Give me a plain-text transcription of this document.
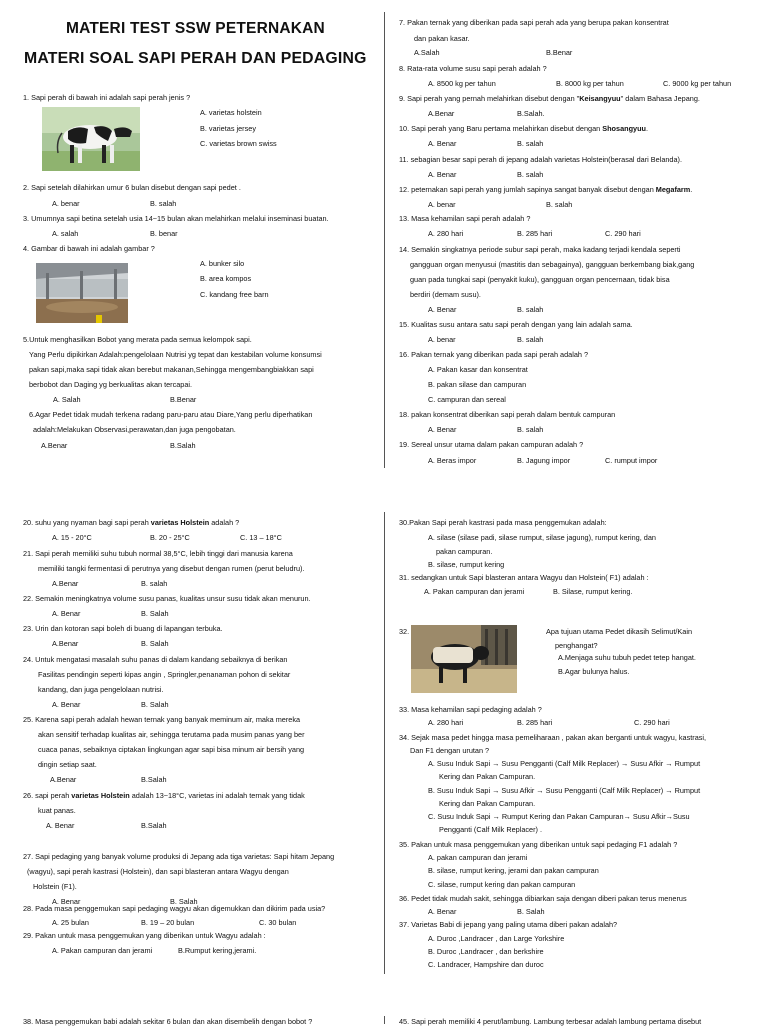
MATERI TEST SSW PETERNAKAN
MATERI SOAL SAPI PERAH DAN PEDAGING
1. Sapi perah di bawah ini adalah sapi perah jenis ?
A. varietas holstein
B. varietas jersey
C. varietas brown swiss
2. Sapi setelah dilahirkan umur 6 bulan disebut dengan sapi pedet .
A. benar	B. salah
3. Umumnya sapi betina setelah usia 14~15 bulan akan melahirkan melalui inseminasi buatan.
A. salah	B. benar
4. Gambar di bawah ini adalah gambar ?
A. bunker silo
B. area kompos
C. kandang free barn
5.Untuk menghasilkan Bobot yang merata pada semua kelompok sapi.
Yang Perlu dipikirkan Adalah:pengelolaan Nutrisi yg tepat dan kestabilan volume konsumsi
pakan sapi,maka sapi tidak akan berebut makanan,Sehingga mengembangbiakkan sapi
berbobot dan Daging yg berkualitas akan tercapai.
A. Salah	B.Benar
6.Agar Pedet tidak mudah terkena radang paru-paru atau Diare,Yang perlu diperhatikan
adalah:Melakukan Observasi,perawatan,dan juga pengobatan.
A.Benar	B.Salah
7. Pakan ternak yang diberikan pada sapi perah ada yang berupa pakan konsentrat
dan pakan kasar.
A.Salah	B.Benar
8. Rata-rata volume susu sapi perah adalah ?
A. 8500 kg per tahun	B. 8000 kg per tahun	C. 9000 kg per tahun
9. Sapi perah yang pernah melahirkan disebut dengan "Keisangyuu" dalam Bahasa Jepang.
A.Benar	B.Salah.
10. Sapi perah yang Baru pertama melahirkan disebut dengan Shosangyuu.
A. Benar	B. salah
11. sebagian besar sapi perah di jepang adalah varietas Holstein(berasal dari Belanda).
A. Benar	B. salah
12. peternakan sapi perah yang jumlah sapinya sangat banyak disebut dengan Megafarm.
A. benar	B. salah
13. Masa kehamilan sapi perah adalah ?
A. 280 hari	B. 285 hari	C. 290 hari
14. Semakin singkatnya periode subur sapi perah, maka kadang terjadi kendala seperti
gangguan organ menyusui (mastitis dan sebagainya), gangguan berkembang biak,gang
guan pada tungkai sapi (penyakit kuku), gangguan organ pencernaan, tidak bisa
berdiri (demam susu).
A. Benar	B. salah
15. Kualitas susu antara satu sapi perah dengan yang lain adalah sama.
A. benar	B. salah
16. Pakan ternak yang diberikan pada sapi perah adalah ?
A. Pakan kasar dan konsentrat
B. pakan silase dan campuran
C. campuran dan sereal
18. pakan konsentrat diberikan sapi perah dalam bentuk campuran
A. Benar	B. salah
19. Sereal unsur utama dalam pakan campuran adalah ?
A. Beras impor	B. Jagung impor	C. rumput impor
20. suhu yang nyaman bagi sapi perah varietas Holstein adalah ?
A. 15 - 20°C	B. 20 - 25°C	C. 13 – 18°C
21. Sapi perah memiliki suhu tubuh normal 38,5°C, lebih tinggi dari manusia karena
memiliki tangki fermentasi di perutnya yang disebut dengan rumen (perut beludru).
A.Benar	B. salah
22. Semakin meningkatnya volume susu panas, kualitas unsur susu tidak akan menurun.
A. Benar	B. Salah
23. Urin dan kotoran sapi boleh di buang di lapangan terbuka.
A.Benar	B. Salah
24. Untuk mengatasi masalah suhu panas di dalam kandang sebaiknya di berikan
Fasilitas pendingin seperti kipas angin , Springler,penanaman pohon di sekitar
kandang, dan juga pengelolaan nutrisi.
A. Benar	B. Salah
25. Karena sapi perah adalah hewan ternak yang banyak meminum air, maka mereka
akan sensitif terhadap kualitas air, sehingga terutama pada musim panas yang ber
cuaca panas, sebaiknya ciptakan lingkungan agar sapi bisa minum air bersih yang
dingin setiap saat.
A.Benar	B.Salah
26. sapi perah varietas Holstein adalah 13~18°C, varietas ini adalah ternak yang tidak
kuat panas.
A. Benar	B.Salah
27. Sapi pedaging yang banyak volume produksi di Jepang ada tiga varietas: Sapi hitam Jepang
(wagyu), sapi perah kastrasi (Holstein), dan sapi blasteran antara Wagyu dengan
Holstein (F1).
A. Benar	B. Salah
28. Pada masa penggemukan sapi pedaging wagyu akan digemukkan dan dikirim pada usia?
A. 25 bulan	B. 19 – 20 bulan	C. 30 bulan
29. Pakan untuk masa penggemukan yang diberikan untuk Wagyu adalah :
A. Pakan campuran dan jerami	B.Rumput kering,jerami.
30.Pakan Sapi perah kastrasi pada masa penggemukan adalah:
A. silase (silase padi, silase rumput, silase jagung), rumput kering, dan
pakan campuran.
B. silase, rumput kering
31. sedangkan untuk Sapi blasteran antara Wagyu dan Holstein( F1) adalah :
A. Pakan campuran dan jerami	B. Silase, rumput kering.
32.	Apa tujuan utama Pedet dikasih Selimut/Kain
penghangat?
A.Menjaga suhu tubuh pedet tetep hangat.
B.Agar bulunya halus.
33. Masa kehamilan sapi pedaging adalah ?
A. 280 hari	B. 285 hari	C. 290 hari
34. Sejak masa pedet hingga masa pemeliharaan , pakan akan berganti untuk wagyu, kastrasi,
Dan F1 dengan urutan ?
A. Susu Induk Sapi → Susu Pengganti (Calf Milk Replacer) → Susu Afkir → Rumput
Kering dan Pakan Campuran.
B. Susu Induk Sapi → Susu Afkir → Susu Pengganti (Calf Milk Replacer) → Rumput
Kering dan Pakan Campuran.
C. Susu Induk Sapi → Rumput Kering dan Pakan Campuran→ Susu Afkir→Susu
Pengganti (Calf Milk Replacer) .
35. Pakan untuk masa penggemukan yang diberikan untuk sapi pedaging F1 adalah ?
A. pakan campuran dan jerami
B. silase, rumput kering, jerami dan pakan campuran
C. silase, rumput kering dan pakan campuran
36. Pedet tidak mudah sakit, sehingga dibiarkan saja dengan diberi pakan terus menerus
A. Benar	B. Salah
37. Varietas Babi di jepang yang paling utama diberi pakan adalah?
A. Duroc ,Landracer , dan Large Yorkshire
B. Duroc ,Landracer , dan berkshire
C. Landracer, Hampshire dan duroc
38. Masa penggemukan babi adalah sekitar 6 bulan dan akan disembelih dengan bobot ?	45. Sapi perah memiliki 4 perut/lambung. Lambung terbesar adalah lambung pertama disebut
